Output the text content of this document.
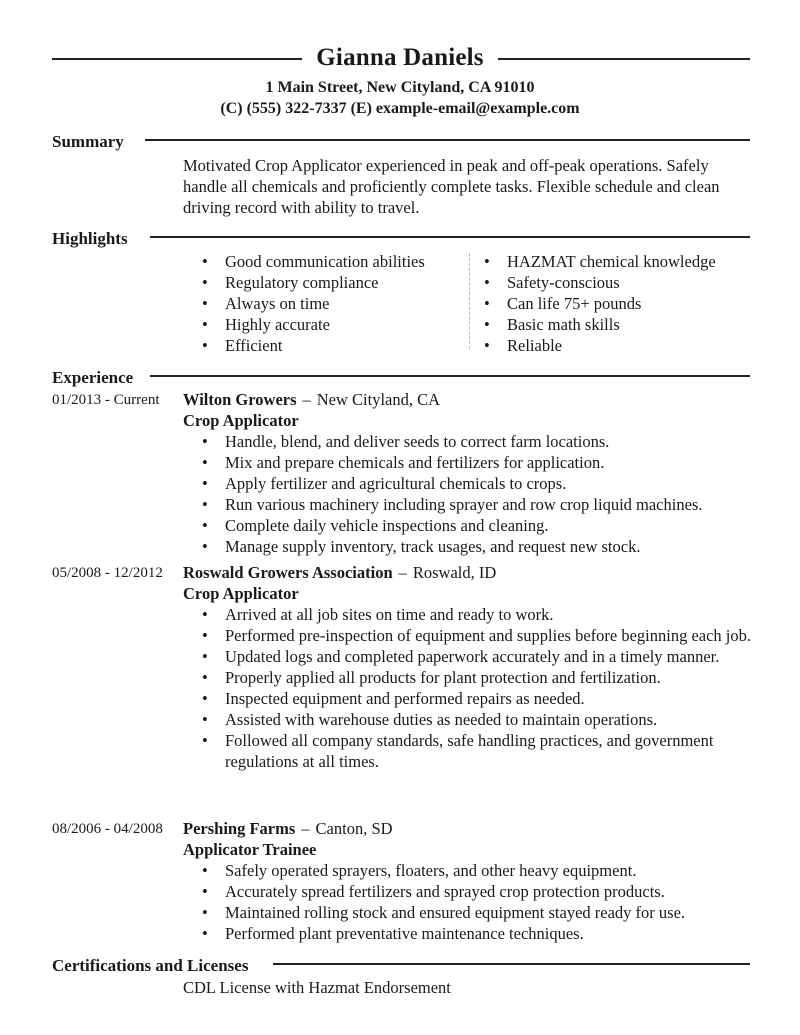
Gianna Daniels
1 Main Street, New Cityland, CA 91010
(C) (555) 322-7337 (E) example-email@example.com
Summary
Motivated Crop Applicator experienced in peak and off-peak operations. Safely handle all chemicals and proficiently complete tasks. Flexible schedule and clean driving record with ability to travel.
Highlights
• Good communication abilities
• Regulatory compliance
• Always on time
• Highly accurate
• Efficient
• HAZMAT chemical knowledge
• Safety-conscious
• Can life 75+ pounds
• Basic math skills
• Reliable
Experience
01/2013 - Current Wilton Growers – New Cityland, CA
Crop Applicator
• Handle, blend, and deliver seeds to correct farm locations.
• Mix and prepare chemicals and fertilizers for application.
• Apply fertilizer and agricultural chemicals to crops.
• Run various machinery including sprayer and row crop liquid machines.
• Complete daily vehicle inspections and cleaning.
• Manage supply inventory, track usages, and request new stock.
05/2008 - 12/2012 Roswald Growers Association – Roswald, ID
Crop Applicator
• Arrived at all job sites on time and ready to work.
• Performed pre-inspection of equipment and supplies before beginning each job.
• Updated logs and completed paperwork accurately and in a timely manner.
• Properly applied all products for plant protection and fertilization.
• Inspected equipment and performed repairs as needed.
• Assisted with warehouse duties as needed to maintain operations.
• Followed all company standards, safe handling practices, and government regulations at all times.
08/2006 - 04/2008 Pershing Farms – Canton, SD
Applicator Trainee
• Safely operated sprayers, floaters, and other heavy equipment.
• Accurately spread fertilizers and sprayed crop protection products.
• Maintained rolling stock and ensured equipment stayed ready for use.
• Performed plant preventative maintenance techniques.
Certifications and Licenses
CDL License with Hazmat Endorsement
